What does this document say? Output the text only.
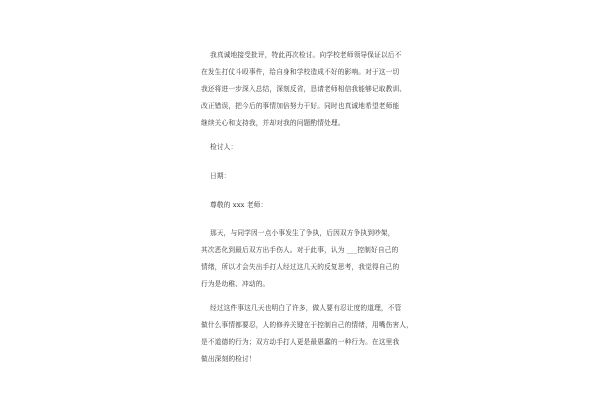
我真诚地接受批评，特此再次检讨。向学校老师领导保证以后不
在发生打仗斗殴事件，给自身和学校造成不好的影响。对于这一切
我还将进一步深入总结，深刻反省，恳请老师相信我能够记取教训、
改正错误，把今后的事情加倍努力干好。同时也真诚地希望老师能
继续关心和支持我，并却对我的问题酌情处理。
检讨人：
日期：
尊敬的 xxx 老师：
那天，与同学因一点小事发生了争执，后因双方争执到吵架，
其次恶化到最后双方出手伤人。对于此事，认为 ___控制好自己的
情绪，所以才会失出手打人经过这几天的反复思考，我觉得自己的
行为是幼稚、冲动的。
经过这件事这几天也明白了许多，做人要有忍让度的道理，不管
做什么事情都要忍，人的修养关键在于控制自己的情绪，用嘴伤害人，
是不道德的行为；双方动手打人更是最愚蠢的一种行为。在这里我
做出深刻的检讨！
